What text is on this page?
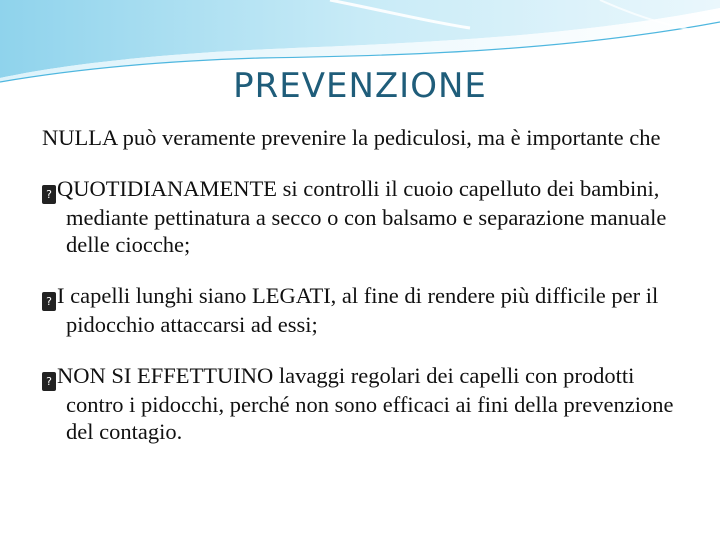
PREVENZIONE

NULLA può veramente prevenire la pediculosi, ma è importante che

? QUOTIDIANAMENTE si controlli il cuoio capelluto dei bambini, mediante pettinatura a secco o con balsamo e separazione manuale delle ciocche;

? I capelli lunghi siano LEGATI, al fine di rendere più difficile per il pidocchio attaccarsi ad essi;

? NON SI EFFETTUINO lavaggi regolari dei capelli con prodotti contro i pidocchi, perché non sono efficaci ai fini della prevenzione del contagio.
